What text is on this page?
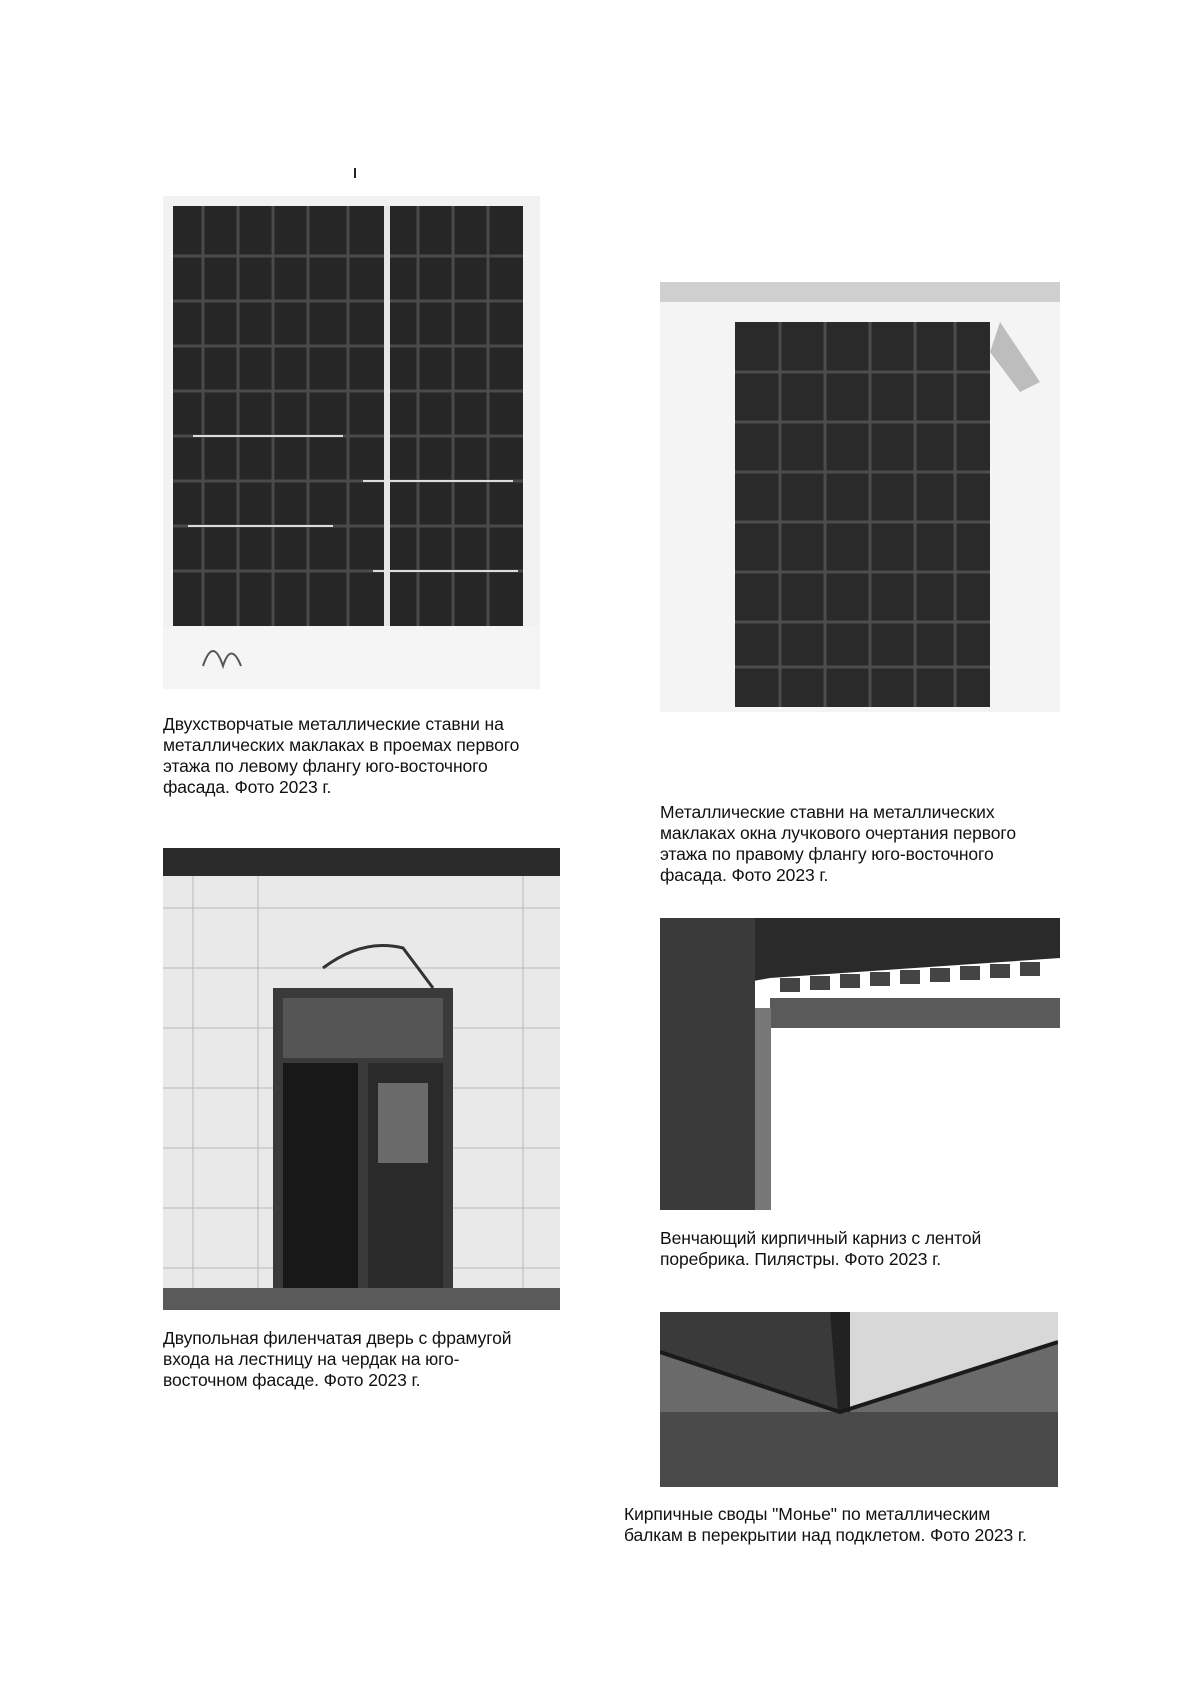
Двухстворчатые металлические ставни на
металлических маклаках в проемах первого
этажа по левому флангу юго-восточного
фасада. Фото 2023 г.
Металлические ставни на металлических
маклаках окна лучкового очертания первого
этажа по правому флангу юго-восточного
фасада. Фото 2023 г.
Двупольная филенчатая дверь с фрамугой
входа на лестницу на чердак на юго-
восточном фасаде. Фото 2023 г.
Венчающий кирпичный карниз с лентой
поребрика. Пилястры. Фото 2023 г.
Кирпичные своды "Монье" по металлическим
балкам в перекрытии над подклетом. Фото 2023 г.
